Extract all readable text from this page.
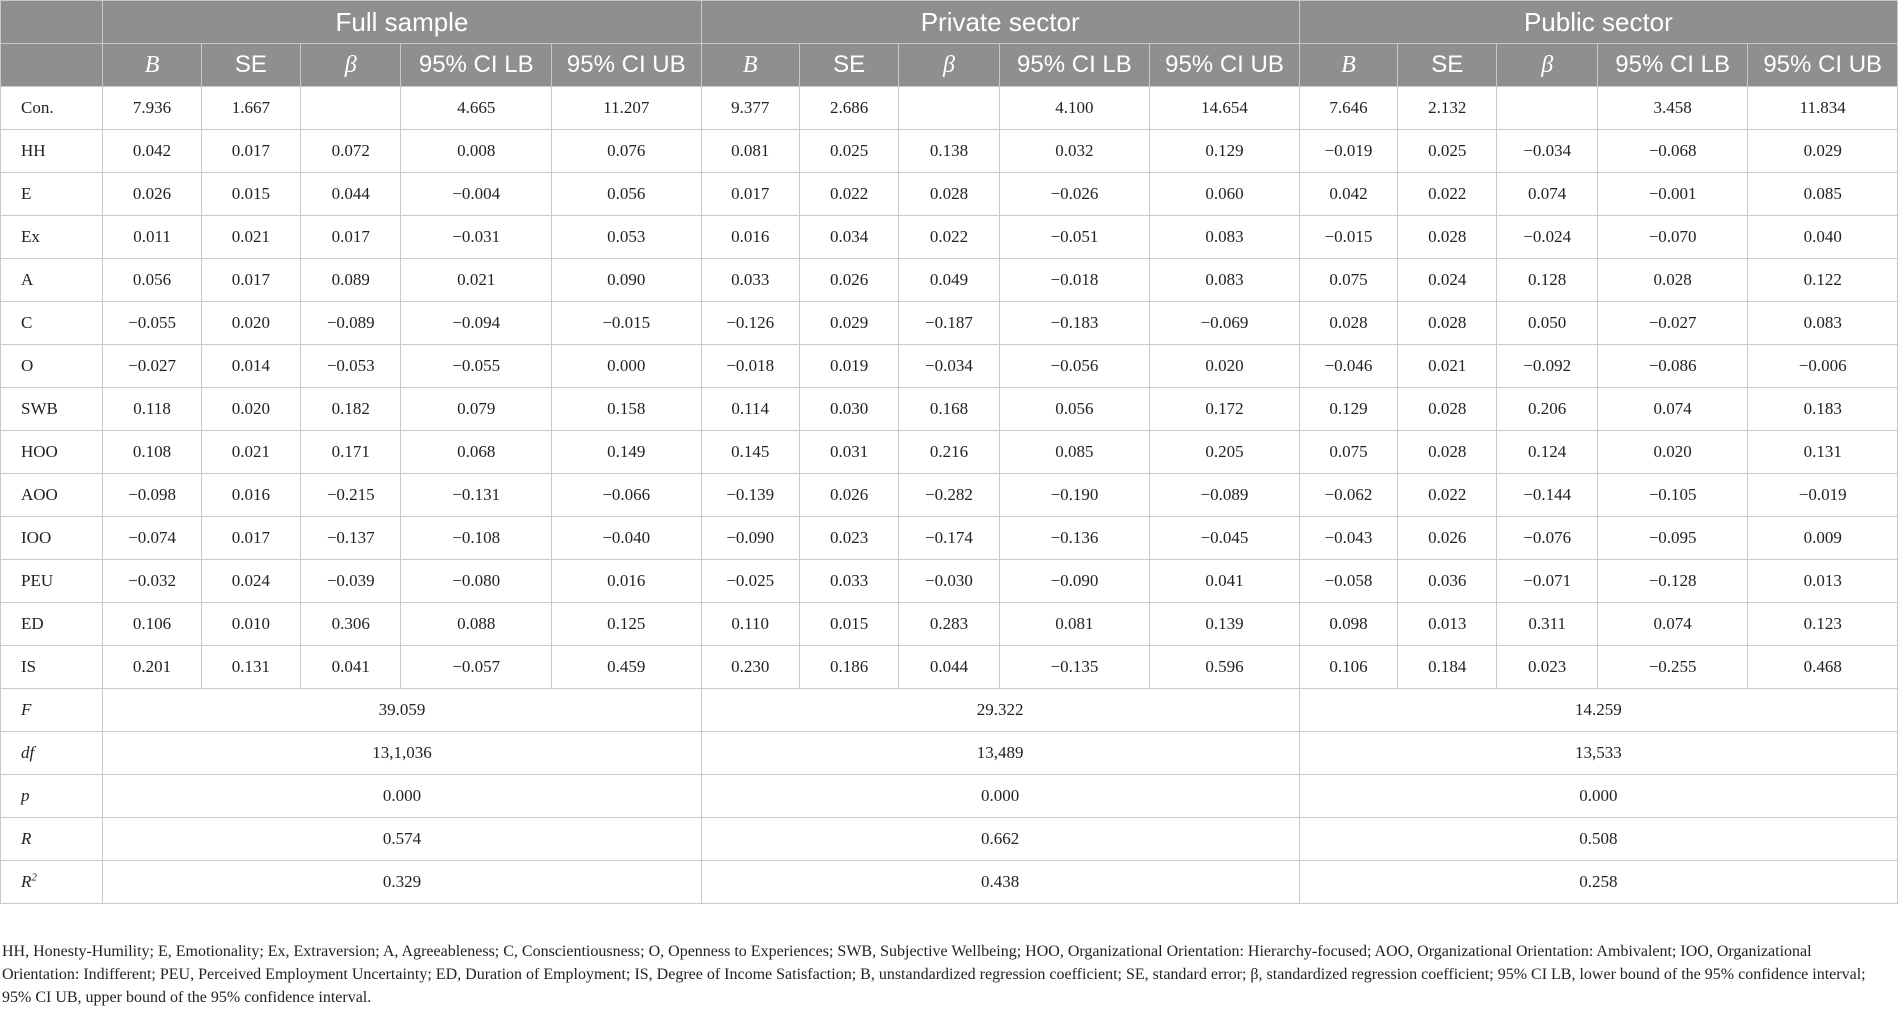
	Full sample					Private sector					Public sector				
	B	SE	β	95% CI LB	95% CI UB	B	SE	β	95% CI LB	95% CI UB	B	SE	β	95% CI LB	95% CI UB
Con.	7.936	1.667		4.665	11.207	9.377	2.686		4.100	14.654	7.646	2.132		3.458	11.834
HH	0.042	0.017	0.072	0.008	0.076	0.081	0.025	0.138	0.032	0.129	−0.019	0.025	−0.034	−0.068	0.029
E	0.026	0.015	0.044	−0.004	0.056	0.017	0.022	0.028	−0.026	0.060	0.042	0.022	0.074	−0.001	0.085
Ex	0.011	0.021	0.017	−0.031	0.053	0.016	0.034	0.022	−0.051	0.083	−0.015	0.028	−0.024	−0.070	0.040
A	0.056	0.017	0.089	0.021	0.090	0.033	0.026	0.049	−0.018	0.083	0.075	0.024	0.128	0.028	0.122
C	−0.055	0.020	−0.089	−0.094	−0.015	−0.126	0.029	−0.187	−0.183	−0.069	0.028	0.028	0.050	−0.027	0.083
O	−0.027	0.014	−0.053	−0.055	0.000	−0.018	0.019	−0.034	−0.056	0.020	−0.046	0.021	−0.092	−0.086	−0.006
SWB	0.118	0.020	0.182	0.079	0.158	0.114	0.030	0.168	0.056	0.172	0.129	0.028	0.206	0.074	0.183
HOO	0.108	0.021	0.171	0.068	0.149	0.145	0.031	0.216	0.085	0.205	0.075	0.028	0.124	0.020	0.131
AOO	−0.098	0.016	−0.215	−0.131	−0.066	−0.139	0.026	−0.282	−0.190	−0.089	−0.062	0.022	−0.144	−0.105	−0.019
IOO	−0.074	0.017	−0.137	−0.108	−0.040	−0.090	0.023	−0.174	−0.136	−0.045	−0.043	0.026	−0.076	−0.095	0.009
PEU	−0.032	0.024	−0.039	−0.080	0.016	−0.025	0.033	−0.030	−0.090	0.041	−0.058	0.036	−0.071	−0.128	0.013
ED	0.106	0.010	0.306	0.088	0.125	0.110	0.015	0.283	0.081	0.139	0.098	0.013	0.311	0.074	0.123
IS	0.201	0.131	0.041	−0.057	0.459	0.230	0.186	0.044	−0.135	0.596	0.106	0.184	0.023	−0.255	0.468
F	39.059					29.322					14.259				
df	13,1,036					13,489					13,533				
p	0.000					0.000					0.000				
R	0.574					0.662					0.508				
$R^2$	0.329					0.438					0.258				

HH, Honesty-Humility; E, Emotionality; Ex, Extraversion; A, Agreeableness; C, Conscientiousness; O, Openness to Experiences; SWB, Subjective Wellbeing; HOO, Organizational Orientation: Hierarchy-focused; AOO, Organizational Orientation: Ambivalent; IOO, Organizational Orientation: Indifferent; PEU, Perceived Employment Uncertainty; ED, Duration of Employment; IS, Degree of Income Satisfaction; B, unstandardized regression coefficient; SE, standard error; β, standardized regression coefficient; 95% CI LB, lower bound of the 95% confidence interval; 95% CI UB, upper bound of the 95% confidence interval.
